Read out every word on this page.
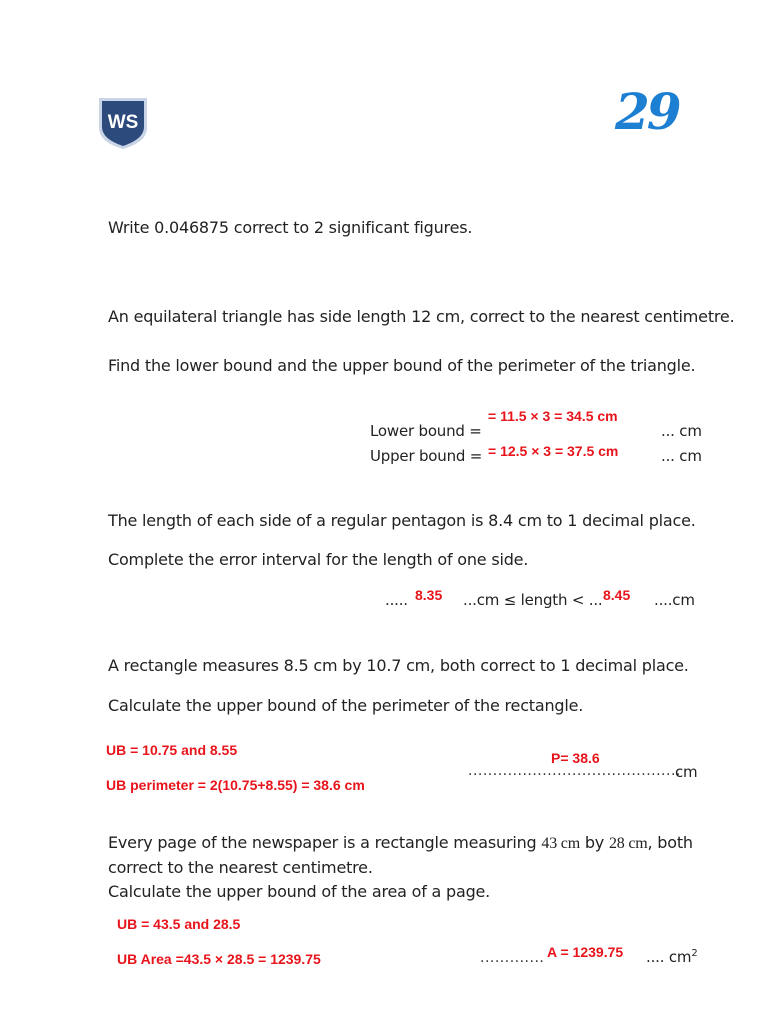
WS	29
Write 0.046875 correct to 2 significant figures.
An equilateral triangle has side length 12 cm, correct to the nearest centimetre.
Find the lower bound and the upper bound of the perimeter of the triangle.
= 11.5 × 3 = 34.5 cm
Lower bound =	... cm
= 12.5 × 3 = 37.5 cm
Upper bound =	... cm
The length of each side of a regular pentagon is 8.4 cm to 1 decimal place.
Complete the error interval for the length of one side.
..... 8.35 ...cm ≤ length < ... 8.45 ....cm
A rectangle measures 8.5 cm by 10.7 cm, both correct to 1 decimal place.
Calculate the upper bound of the perimeter of the rectangle.
UB = 10.75 and 8.55
UB perimeter = 2(10.75+8.55) = 38.6 cm
P= 38.6
...........................................
cm
Every page of the newspaper is a rectangle measuring 43 cm by 28 cm, both
correct to the nearest centimetre.
Calculate the upper bound of the area of a page.
UB = 43.5 and 28.5
UB Area =43.5 × 28.5 = 1239.75	............. A = 1239.75 .... $cm^2$
